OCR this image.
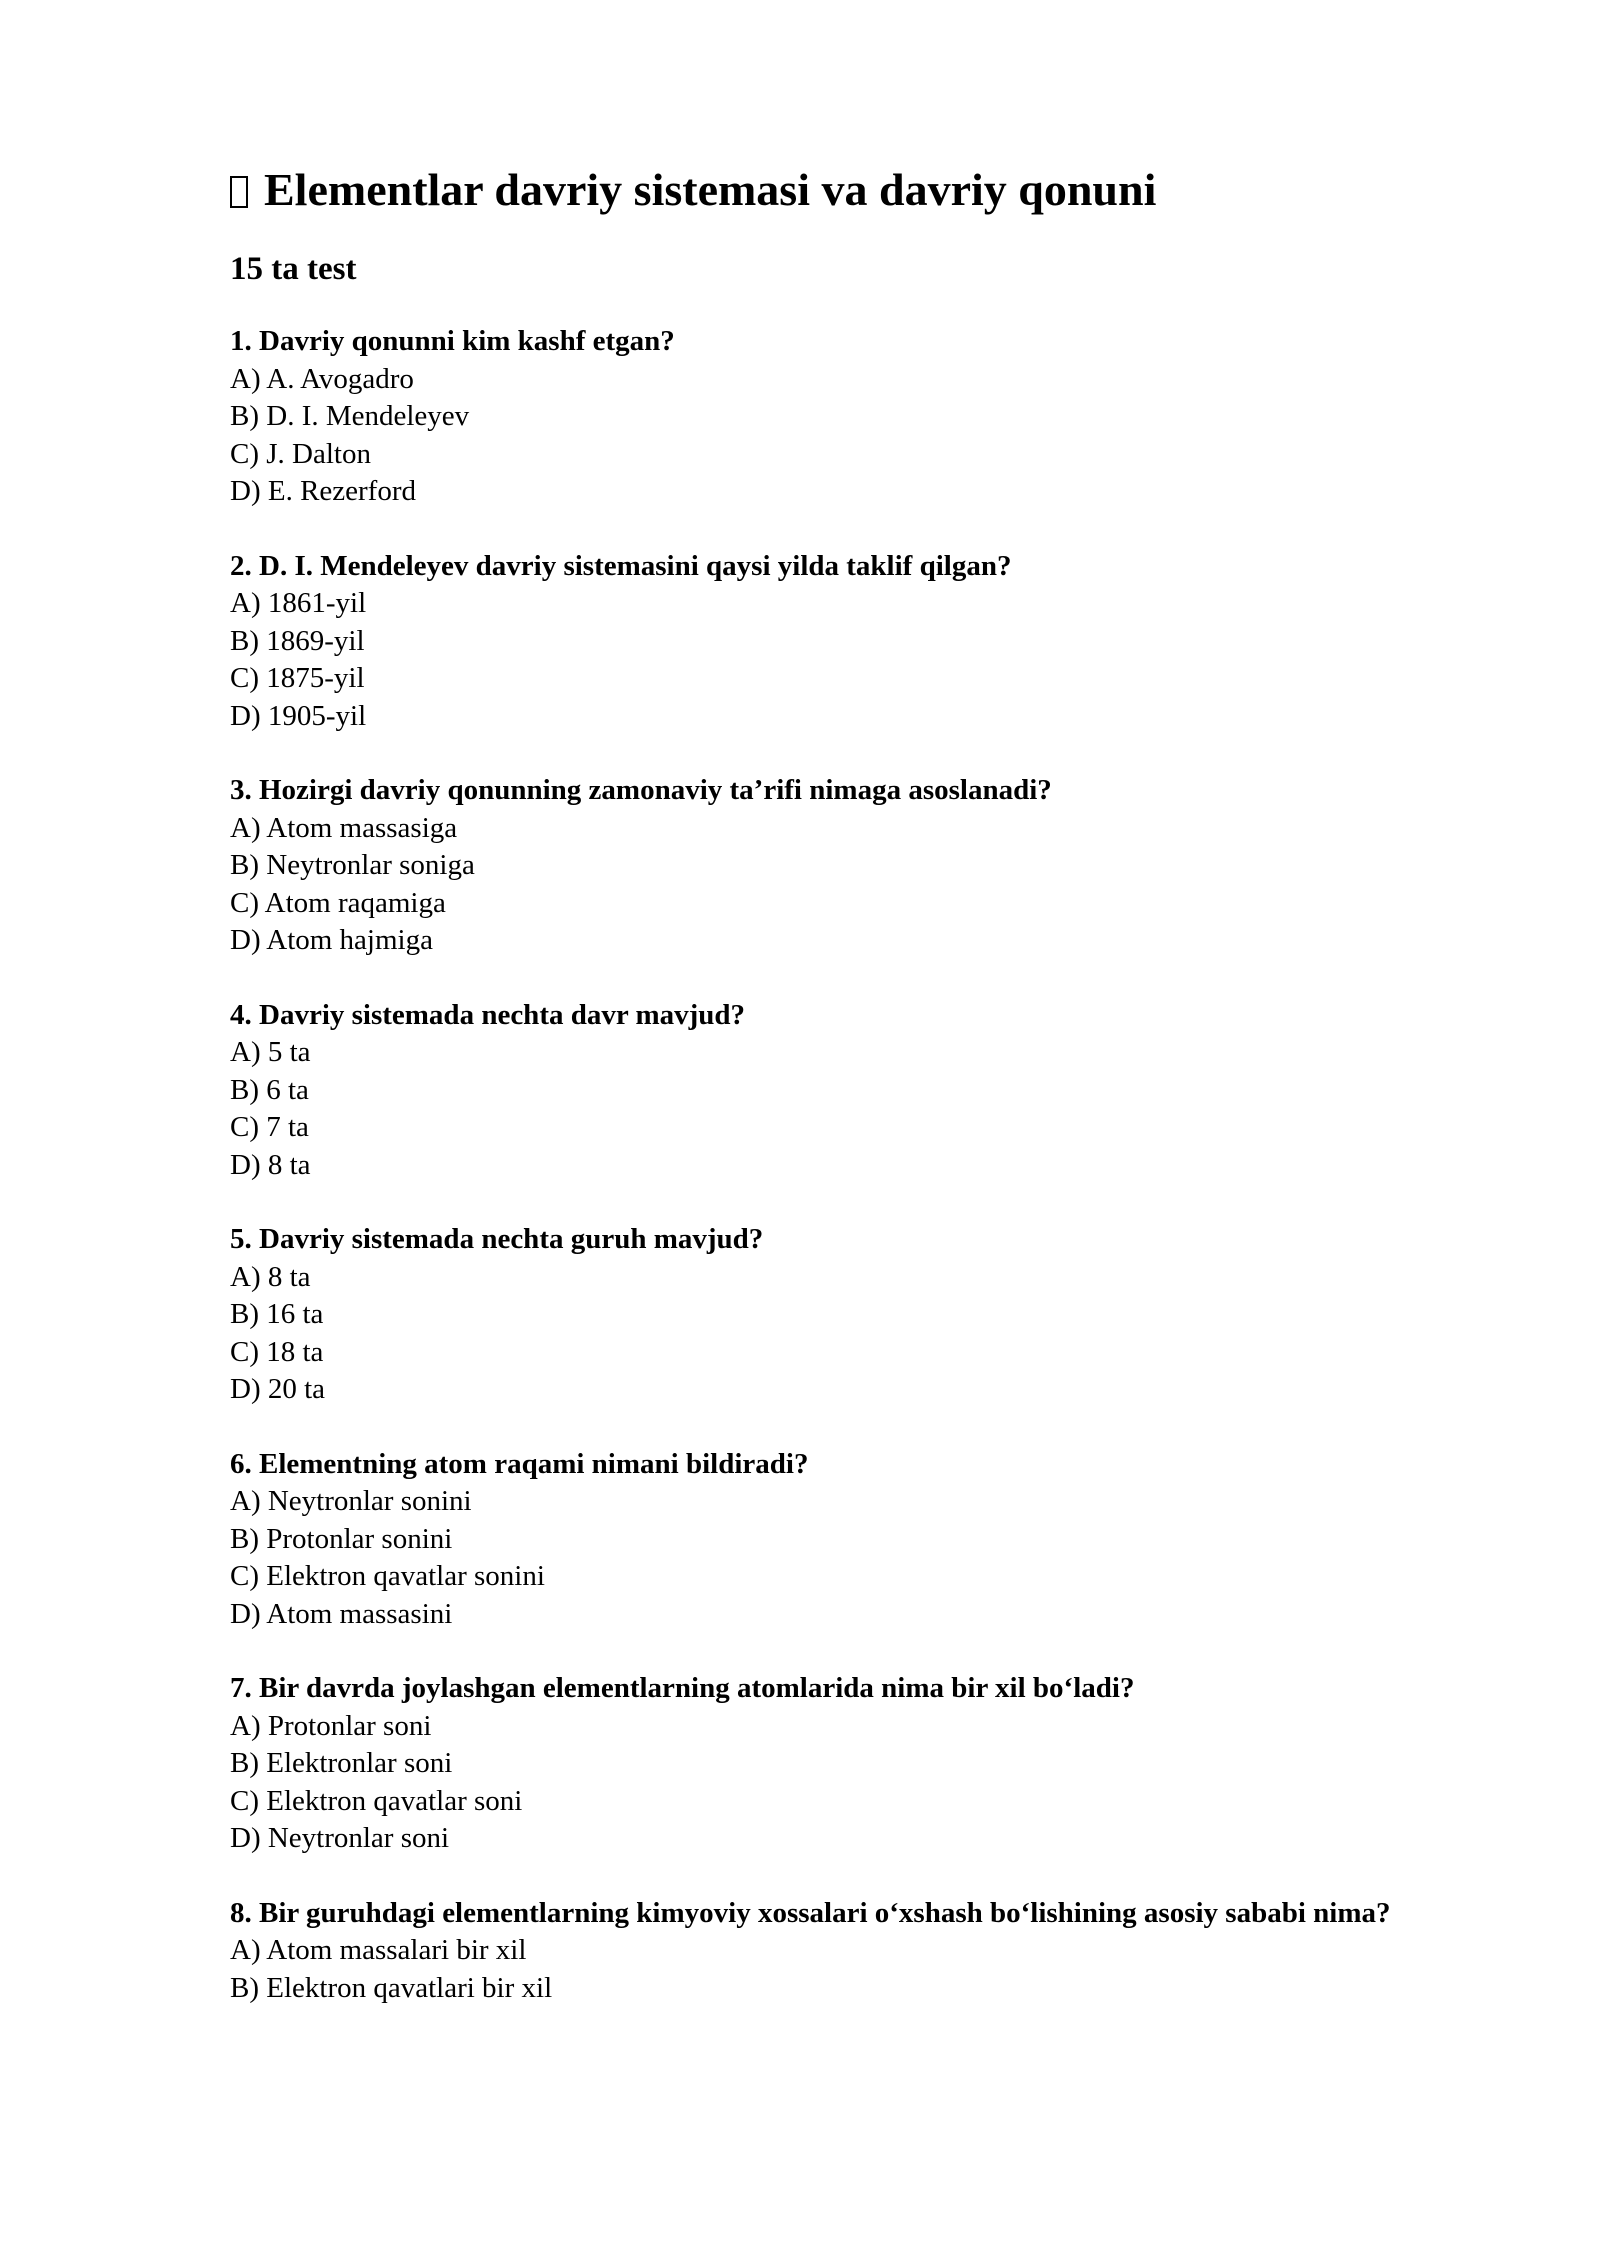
Elementlar davriy sistemasi va davriy qonuni
15 ta test
1. Davriy qonunni kim kashf etgan?
A) A. Avogadro
B) D. I. Mendeleyev
C) J. Dalton
D) E. Rezerford
2. D. I. Mendeleyev davriy sistemasini qaysi yilda taklif qilgan?
A) 1861-yil
B) 1869-yil
C) 1875-yil
D) 1905-yil
3. Hozirgi davriy qonunning zamonaviy ta’rifi nimaga asoslanadi?
A) Atom massasiga
B) Neytronlar soniga
C) Atom raqamiga
D) Atom hajmiga
4. Davriy sistemada nechta davr mavjud?
A) 5 ta
B) 6 ta
C) 7 ta
D) 8 ta
5. Davriy sistemada nechta guruh mavjud?
A) 8 ta
B) 16 ta
C) 18 ta
D) 20 ta
6. Elementning atom raqami nimani bildiradi?
A) Neytronlar sonini
B) Protonlar sonini
C) Elektron qavatlar sonini
D) Atom massasini
7. Bir davrda joylashgan elementlarning atomlarida nima bir xil bo‘ladi?
A) Protonlar soni
B) Elektronlar soni
C) Elektron qavatlar soni
D) Neytronlar soni
8. Bir guruhdagi elementlarning kimyoviy xossalari o‘xshash bo‘lishining asosiy sababi nima?
A) Atom massalari bir xil
B) Elektron qavatlari bir xil
